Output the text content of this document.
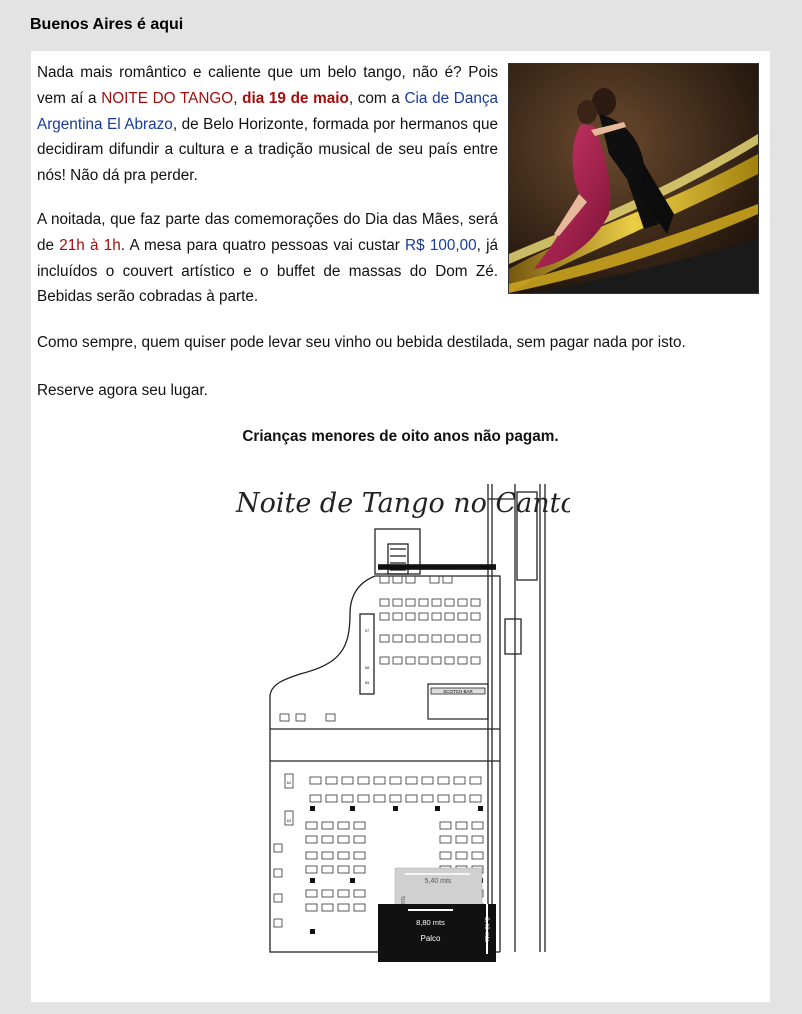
Buenos Aires é aqui

Nada mais romântico e caliente que um belo tango, não é? Pois vem aí a NOITE DO TANGO, dia 19 de maio, com a Cia de Dança Argentina El Abrazo, de Belo Horizonte, formada por hermanos que decidiram difundir a cultura e a tradição musical de seu país entre nós! Não dá pra perder.

A noitada, que faz parte das comemorações do Dia das Mães, será de 21h à 1h. A mesa para quatro pessoas vai custar R$ 100,00, já incluídos o couvert artístico e o buffet de massas do Dom Zé. Bebidas serão cobradas à parte.

Como sempre, quem quiser pode levar seu vinho ou bebida destilada, sem pagar nada por isto.

Reserve agora seu lugar.

Crianças menores de oito anos não pagam.

Noite de Tango no Canto
SCOTCH BAR
57
58
59
62
63
5,40 mts
8,80 mts
Palco	3,40 mts
